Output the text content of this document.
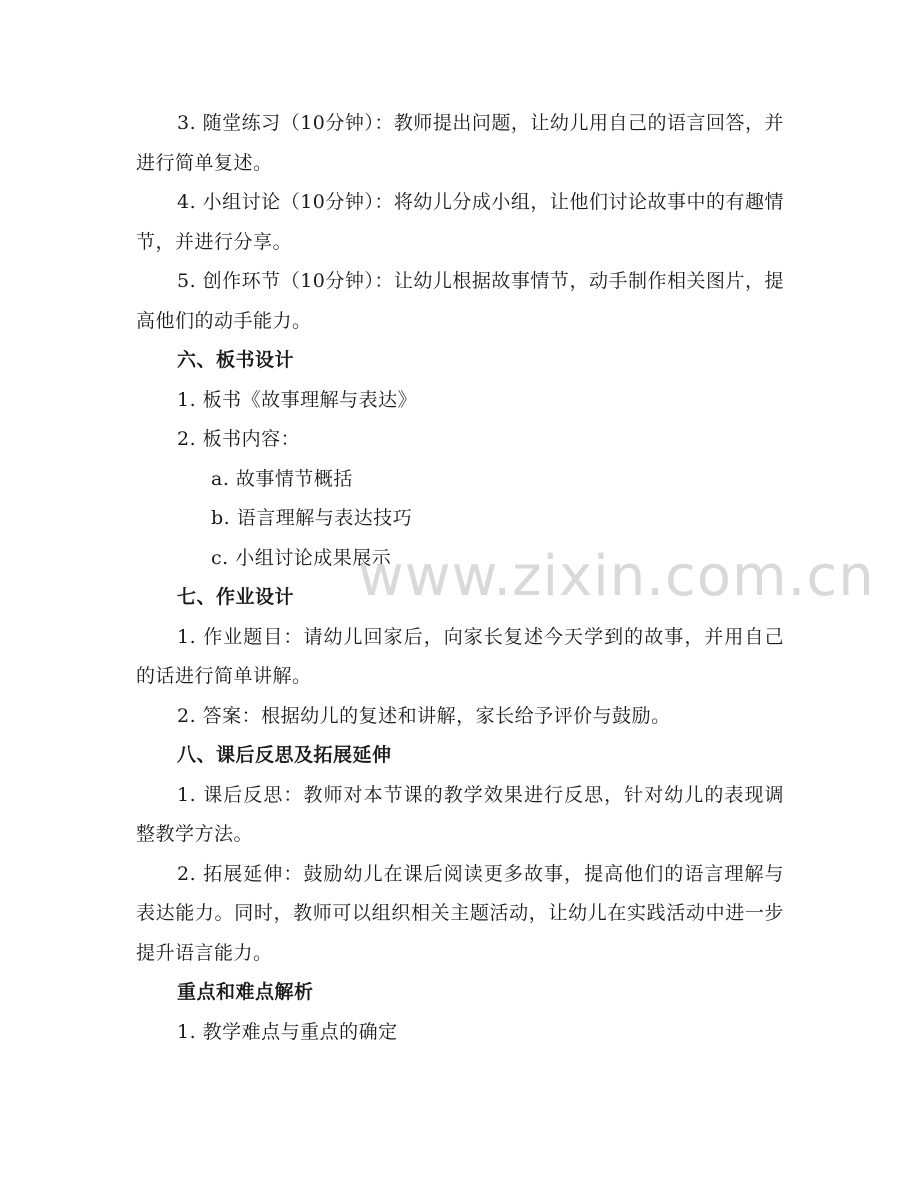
3. 随堂练习（10分钟）：教师提出问题，让幼儿用自己的语言回答，并进行简单复述。

4. 小组讨论（10分钟）：将幼儿分成小组，让他们讨论故事中的有趣情节，并进行分享。

5. 创作环节（10分钟）：让幼儿根据故事情节，动手制作相关图片，提高他们的动手能力。

六、板书设计

1. 板书《故事理解与表达》

2. 板书内容：

a. 故事情节概括

b. 语言理解与表达技巧

c. 小组讨论成果展示

七、作业设计

1. 作业题目：请幼儿回家后，向家长复述今天学到的故事，并用自己的话进行简单讲解。

2. 答案：根据幼儿的复述和讲解，家长给予评价与鼓励。

八、课后反思及拓展延伸

1. 课后反思：教师对本节课的教学效果进行反思，针对幼儿的表现调整教学方法。

2. 拓展延伸：鼓励幼儿在课后阅读更多故事，提高他们的语言理解与表达能力。同时，教师可以组织相关主题活动，让幼儿在实践活动中进一步提升语言能力。

重点和难点解析

1. 教学难点与重点的确定

www.zixin.com.cn
